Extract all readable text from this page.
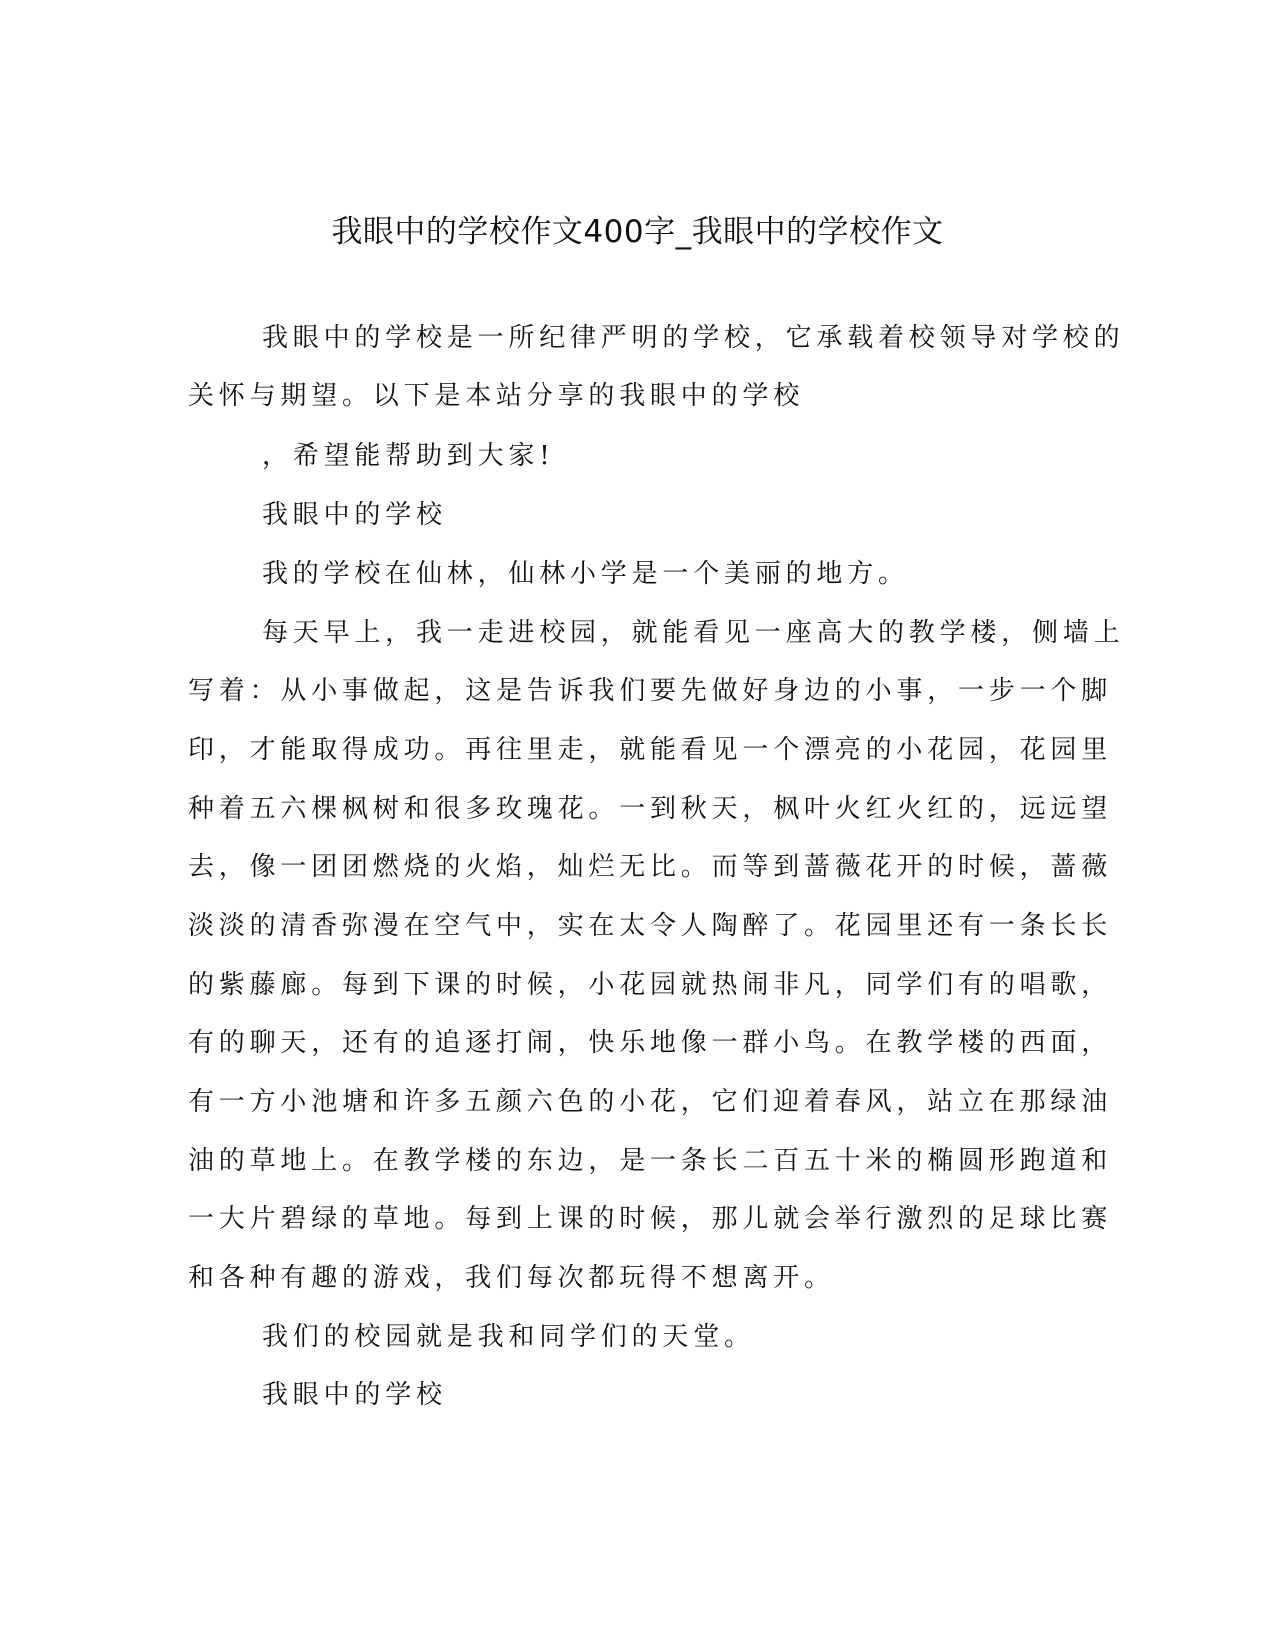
我眼中的学校作文400字_我眼中的学校作文
我眼中的学校是一所纪律严明的学校，它承载着校领导对学校的
关怀与期望。以下是本站分享的我眼中的学校
，希望能帮助到大家!
我眼中的学校
我的学校在仙林，仙林小学是一个美丽的地方。
每天早上，我一走进校园，就能看见一座高大的教学楼，侧墙上
写着：从小事做起，这是告诉我们要先做好身边的小事，一步一个脚
印，才能取得成功。再往里走，就能看见一个漂亮的小花园，花园里
种着五六棵枫树和很多玫瑰花。一到秋天，枫叶火红火红的，远远望
去，像一团团燃烧的火焰，灿烂无比。而等到蔷薇花开的时候，蔷薇
淡淡的清香弥漫在空气中，实在太令人陶醉了。花园里还有一条长长
的紫藤廊。每到下课的时候，小花园就热闹非凡，同学们有的唱歌，
有的聊天，还有的追逐打闹，快乐地像一群小鸟。在教学楼的西面，
有一方小池塘和许多五颜六色的小花，它们迎着春风，站立在那绿油
油的草地上。在教学楼的东边，是一条长二百五十米的椭圆形跑道和
一大片碧绿的草地。每到上课的时候，那儿就会举行激烈的足球比赛
和各种有趣的游戏，我们每次都玩得不想离开。
我们的校园就是我和同学们的天堂。
我眼中的学校
